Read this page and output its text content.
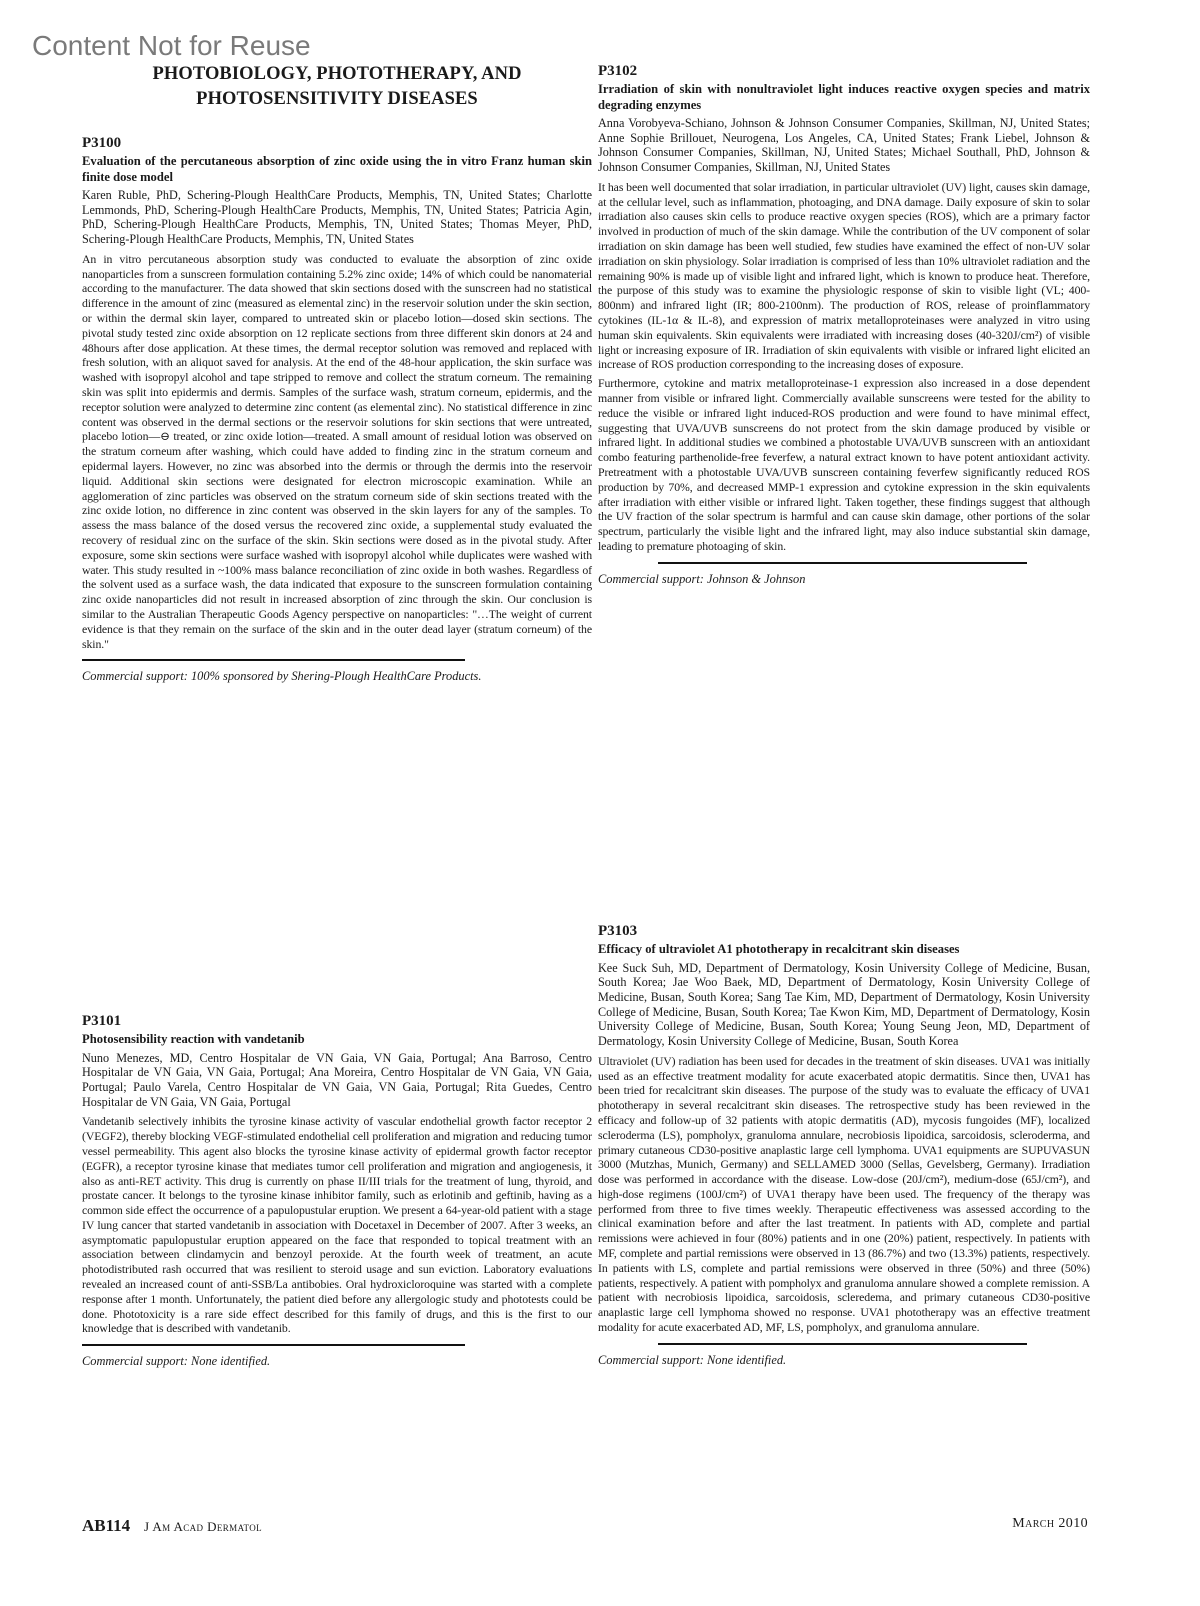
Content Not for Reuse
PHOTOBIOLOGY, PHOTOTHERAPY, AND
PHOTOSENSITIVITY DISEASES

P3100

Evaluation of the percutaneous absorption of zinc oxide using the in vitro Franz human skin finite dose model

Karen Ruble, PhD, Schering-Plough HealthCare Products, Memphis, TN, United States; Charlotte Lemmonds, PhD, Schering-Plough HealthCare Products, Memphis, TN, United States; Patricia Agin, PhD, Schering-Plough HealthCare Products, Memphis, TN, United States; Thomas Meyer, PhD, Schering-Plough HealthCare Products, Memphis, TN, United States

An in vitro percutaneous absorption study was conducted to evaluate the absorption of zinc oxide nanoparticles from a sunscreen formulation containing 5.2% zinc oxide; 14% of which could be nanomaterial according to the manufacturer. The data showed that skin sections dosed with the sunscreen had no statistical difference in the amount of zinc (measured as elemental zinc) in the reservoir solution under the skin section, or within the dermal skin layer, compared to untreated skin or placebo lotion—dosed skin sections. The pivotal study tested zinc oxide absorption on 12 replicate sections from three different skin donors at 24 and 48hours after dose application. At these times, the dermal receptor solution was removed and replaced with fresh solution, with an aliquot saved for analysis. At the end of the 48-hour application, the skin surface was washed with isopropyl alcohol and tape stripped to remove and collect the stratum corneum. The remaining skin was split into epidermis and dermis. Samples of the surface wash, stratum corneum, epidermis, and the receptor solution were analyzed to determine zinc content (as elemental zinc). No statistical difference in zinc content was observed in the dermal sections or the reservoir solutions for skin sections that were untreated, placebo lotion—⊖ treated, or zinc oxide lotion—treated. A small amount of residual lotion was observed on the stratum corneum after washing, which could have added to finding zinc in the stratum corneum and epidermal layers. However, no zinc was absorbed into the dermis or through the dermis into the reservoir liquid. Additional skin sections were designated for electron microscopic examination. While an agglomeration of zinc particles was observed on the stratum corneum side of skin sections treated with the zinc oxide lotion, no difference in zinc content was observed in the skin layers for any of the samples. To assess the mass balance of the dosed versus the recovered zinc oxide, a supplemental study evaluated the recovery of residual zinc on the surface of the skin. Skin sections were dosed as in the pivotal study. After exposure, some skin sections were surface washed with isopropyl alcohol while duplicates were washed with water. This study resulted in ~100% mass balance reconciliation of zinc oxide in both washes. Regardless of the solvent used as a surface wash, the data indicated that exposure to the sunscreen formulation containing zinc oxide nanoparticles did not result in increased absorption of zinc through the skin. Our conclusion is similar to the Australian Therapeutic Goods Agency perspective on nanoparticles: "…The weight of current evidence is that they remain on the surface of the skin and in the outer dead layer (stratum corneum) of the skin."

Commercial support: 100% sponsored by Shering-Plough HealthCare Products.

P3101

Photosensibility reaction with vandetanib

Nuno Menezes, MD, Centro Hospitalar de VN Gaia, VN Gaia, Portugal; Ana Barroso, Centro Hospitalar de VN Gaia, VN Gaia, Portugal; Ana Moreira, Centro Hospitalar de VN Gaia, VN Gaia, Portugal; Paulo Varela, Centro Hospitalar de VN Gaia, VN Gaia, Portugal; Rita Guedes, Centro Hospitalar de VN Gaia, VN Gaia, Portugal

Vandetanib selectively inhibits the tyrosine kinase activity of vascular endothelial growth factor receptor 2 (VEGF2), thereby blocking VEGF-stimulated endothelial cell proliferation and migration and reducing tumor vessel permeability. This agent also blocks the tyrosine kinase activity of epidermal growth factor receptor (EGFR), a receptor tyrosine kinase that mediates tumor cell proliferation and migration and angiogenesis, it also as anti-RET activity. This drug is currently on phase II/III trials for the treatment of lung, thyroid, and prostate cancer. It belongs to the tyrosine kinase inhibitor family, such as erlotinib and geftinib, having as a common side effect the occurrence of a papulopustular eruption. We present a 64-year-old patient with a stage IV lung cancer that started vandetanib in association with Docetaxel in December of 2007. After 3 weeks, an asymptomatic papulopustular eruption appeared on the face that responded to topical treatment with an association between clindamycin and benzoyl peroxide. At the fourth week of treatment, an acute photodistributed rash occurred that was resilient to steroid usage and sun eviction. Laboratory evaluations revealed an increased count of anti-SSB/La antibobies. Oral hydroxicloroquine was started with a complete response after 1 month. Unfortunately, the patient died before any allergologic study and phototests could be done. Phototoxicity is a rare side effect described for this family of drugs, and this is the first to our knowledge that is described with vandetanib.

Commercial support: None identified.

P3102

Irradiation of skin with nonultraviolet light induces reactive oxygen species and matrix degrading enzymes

Anna Vorobyeva-Schiano, Johnson & Johnson Consumer Companies, Skillman, NJ, United States; Anne Sophie Brillouet, Neurogena, Los Angeles, CA, United States; Frank Liebel, Johnson & Johnson Consumer Companies, Skillman, NJ, United States; Michael Southall, PhD, Johnson & Johnson Consumer Companies, Skillman, NJ, United States

It has been well documented that solar irradiation, in particular ultraviolet (UV) light, causes skin damage, at the cellular level, such as inflammation, photoaging, and DNA damage. Daily exposure of skin to solar irradiation also causes skin cells to produce reactive oxygen species (ROS), which are a primary factor involved in production of much of the skin damage. While the contribution of the UV component of solar irradiation on skin damage has been well studied, few studies have examined the effect of non-UV solar irradiation on skin physiology. Solar irradiation is comprised of less than 10% ultraviolet radiation and the remaining 90% is made up of visible light and infrared light, which is known to produce heat. Therefore, the purpose of this study was to examine the physiologic response of skin to visible light (VL; 400-800nm) and infrared light (IR; 800-2100nm). The production of ROS, release of proinflammatory cytokines (IL-1α & IL-8), and expression of matrix metalloproteinases were analyzed in vitro using human skin equivalents. Skin equivalents were irradiated with increasing doses (40-320J/cm²) of visible light or increasing exposure of IR. Irradiation of skin equivalents with visible or infrared light elicited an increase of ROS production corresponding to the increasing doses of exposure.

Furthermore, cytokine and matrix metalloproteinase-1 expression also increased in a dose dependent manner from visible or infrared light. Commercially available sunscreens were tested for the ability to reduce the visible or infrared light induced-ROS production and were found to have minimal effect, suggesting that UVA/UVB sunscreens do not protect from the skin damage produced by visible or infrared light. In additional studies we combined a photostable UVA/UVB sunscreen with an antioxidant combo featuring parthenolide-free feverfew, a natural extract known to have potent antioxidant activity. Pretreatment with a photostable UVA/UVB sunscreen containing feverfew significantly reduced ROS production by 70%, and decreased MMP-1 expression and cytokine expression in the skin equivalents after irradiation with either visible or infrared light. Taken together, these findings suggest that although the UV fraction of the solar spectrum is harmful and can cause skin damage, other portions of the solar spectrum, particularly the visible light and the infrared light, may also induce substantial skin damage, leading to premature photoaging of skin.

Commercial support: Johnson & Johnson

P3103

Efficacy of ultraviolet A1 phototherapy in recalcitrant skin diseases

Kee Suck Suh, MD, Department of Dermatology, Kosin University College of Medicine, Busan, South Korea; Jae Woo Baek, MD, Department of Dermatology, Kosin University College of Medicine, Busan, South Korea; Sang Tae Kim, MD, Department of Dermatology, Kosin University College of Medicine, Busan, South Korea; Tae Kwon Kim, MD, Department of Dermatology, Kosin University College of Medicine, Busan, South Korea; Young Seung Jeon, MD, Department of Dermatology, Kosin University College of Medicine, Busan, South Korea

Ultraviolet (UV) radiation has been used for decades in the treatment of skin diseases. UVA1 was initially used as an effective treatment modality for acute exacerbated atopic dermatitis. Since then, UVA1 has been tried for recalcitrant skin diseases. The purpose of the study was to evaluate the efficacy of UVA1 phototherapy in several recalcitrant skin diseases. The retrospective study has been reviewed in the efficacy and follow-up of 32 patients with atopic dermatitis (AD), mycosis fungoides (MF), localized scleroderma (LS), pompholyx, granuloma annulare, necrobiosis lipoidica, sarcoidosis, scleroderma, and primary cutaneous CD30-positive anaplastic large cell lymphoma. UVA1 equipments are SUPUVASUN 3000 (Mutzhas, Munich, Germany) and SELLAMED 3000 (Sellas, Gevelsberg, Germany). Irradiation dose was performed in accordance with the disease. Low-dose (20J/cm²), medium-dose (65J/cm²), and high-dose regimens (100J/cm²) of UVA1 therapy have been used. The frequency of the therapy was performed from three to five times weekly. Therapeutic effectiveness was assessed according to the clinical examination before and after the last treatment. In patients with AD, complete and partial remissions were achieved in four (80%) patients and in one (20%) patient, respectively. In patients with MF, complete and partial remissions were observed in 13 (86.7%) and two (13.3%) patients, respectively. In patients with LS, complete and partial remissions were observed in three (50%) and three (50%) patients, respectively. A patient with pompholyx and granuloma annulare showed a complete remission. A patient with necrobiosis lipoidica, sarcoidosis, scleredema, and primary cutaneous CD30-positive anaplastic large cell lymphoma showed no response. UVA1 phototherapy was an effective treatment modality for acute exacerbated AD, MF, LS, pompholyx, and granuloma annulare.

Commercial support: None identified.

AB114 J Am Acad Dermatol	March 2010
